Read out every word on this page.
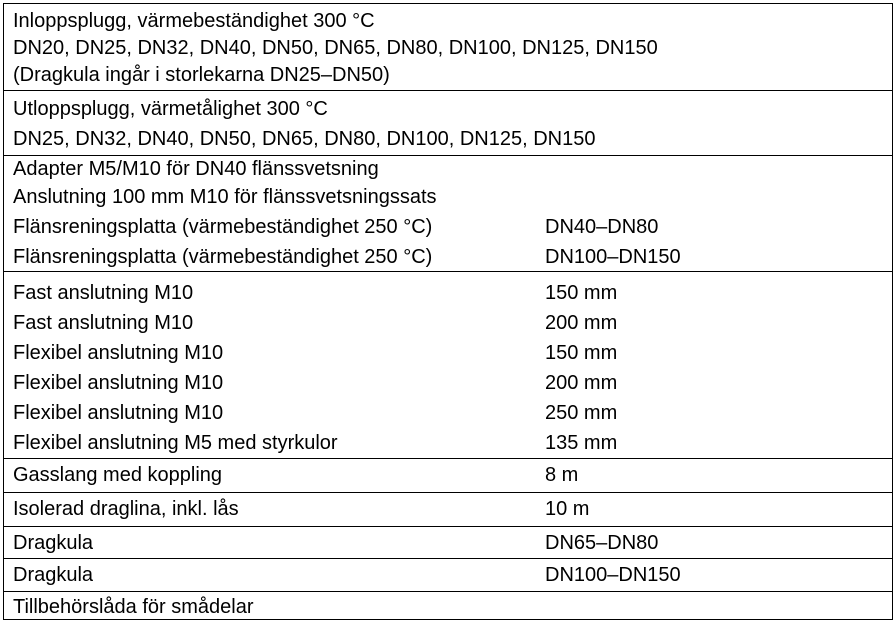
Inloppsplugg, värmebeständighet 300 °C
DN20, DN25, DN32, DN40, DN50, DN65, DN80, DN100, DN125, DN150
(Dragkula ingår i storlekarna DN25–DN50)
Utloppsplugg, värmetålighet 300 °C
DN25, DN32, DN40, DN50, DN65, DN80, DN100, DN125, DN150
Adapter M5/M10 för DN40 flänssvetsning
Anslutning 100 mm M10 för flänssvetsningssats
Flänsreningsplatta (värmebeständighet 250 °C)	DN40–DN80
Flänsreningsplatta (värmebeständighet 250 °C)	DN100–DN150
Fast anslutning M10	150 mm
Fast anslutning M10	200 mm
Flexibel anslutning M10	150 mm
Flexibel anslutning M10	200 mm
Flexibel anslutning M10	250 mm
Flexibel anslutning M5 med styrkulor	135 mm
Gasslang med koppling	8 m
Isolerad draglina, inkl. lås	10 m
Dragkula	DN65–DN80
Dragkula	DN100–DN150
Tillbehörslåda för smådelar
